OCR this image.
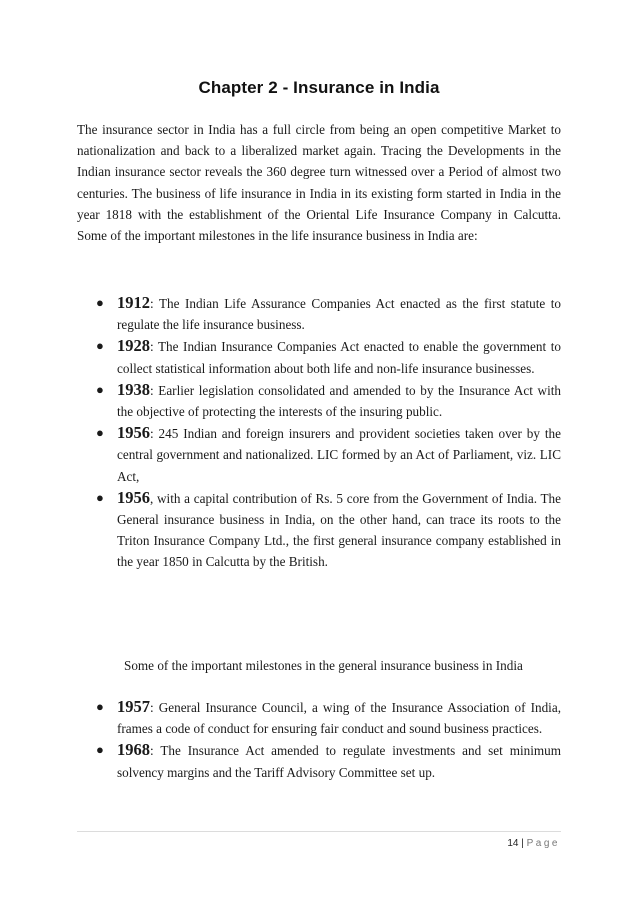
Chapter 2 - Insurance in India

The insurance sector in India has a full circle from being an open competitive Market to nationalization and back to a liberalized market again. Tracing the Developments in the Indian insurance sector reveals the 360 degree turn witnessed over a Period of almost two centuries. The business of life insurance in India in its existing form started in India in the year 1818 with the establishment of the Oriental Life Insurance Company in Calcutta. Some of the important milestones in the life insurance business in India are:

● 1912: The Indian Life Assurance Companies Act enacted as the first statute to regulate the life insurance business.
● 1928: The Indian Insurance Companies Act enacted to enable the government to collect statistical information about both life and non-life insurance businesses.
● 1938: Earlier legislation consolidated and amended to by the Insurance Act with the objective of protecting the interests of the insuring public.
● 1956: 245 Indian and foreign insurers and provident societies taken over by the central government and nationalized. LIC formed by an Act of Parliament, viz. LIC Act,
● 1956, with a capital contribution of Rs. 5 core from the Government of India. The General insurance business in India, on the other hand, can trace its roots to the Triton Insurance Company Ltd., the first general insurance company established in the year 1850 in Calcutta by the British.

Some of the important milestones in the general insurance business in India

● 1957: General Insurance Council, a wing of the Insurance Association of India, frames a code of conduct for ensuring fair conduct and sound business practices.
● 1968: The Insurance Act amended to regulate investments and set minimum solvency margins and the Tariff Advisory Committee set up.
14 | Page
